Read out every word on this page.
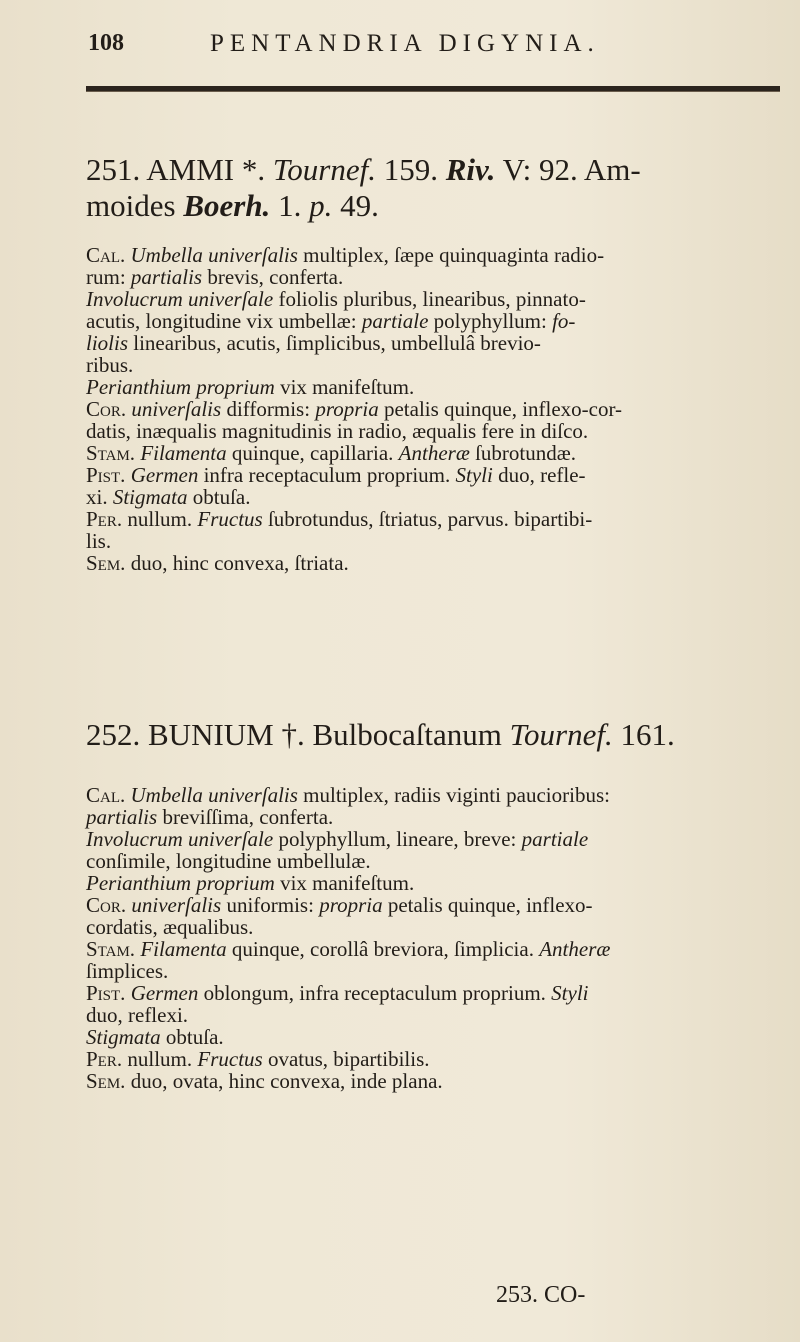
108	PENTANDRIA DIGYNIA.
251. AMMI *. Tournef. 159. Riv. V: 92. Am-
moides Boerh. 1. p. 49.

Cal. Umbella univerſalis multiplex, ſæpe quinquaginta radio-

rum: partialis brevis, conferta.

Involucrum univerſale foliolis pluribus, linearibus, pinnato-

acutis, longitudine vix umbellæ: partiale polyphyllum: fo-

liolis linearibus, acutis, ſimplicibus, umbellulâ brevio-

ribus.

Perianthium proprium vix manifeſtum.

Cor. univerſalis difformis: propria petalis quinque, inflexo-cor-

datis, inæqualis magnitudinis in radio, æqualis fere in diſco.

Stam. Filamenta quinque, capillaria. Antheræ ſubrotundæ.

Pist. Germen infra receptaculum proprium. Styli duo, refle-

xi. Stigmata obtuſa.

Per. nullum. Fructus ſubrotundus, ſtriatus, parvus. bipartibi-

lis.

Sem. duo, hinc convexa, ſtriata.

252. BUNIUM †. Bulbocaſtanum Tournef. 161.

Cal. Umbella univerſalis multiplex, radiis viginti paucioribus:

partialis breviſſima, conferta.

Involucrum univerſale polyphyllum, lineare, breve: partiale

conſimile, longitudine umbellulæ.

Perianthium proprium vix manifeſtum.

Cor. univerſalis uniformis: propria petalis quinque, inflexo-

cordatis, æqualibus.

Stam. Filamenta quinque, corollâ breviora, ſimplicia. Antheræ

ſimplices.

Pist. Germen oblongum, infra receptaculum proprium. Styli

duo, reflexi.

Stigmata obtuſa.

Per. nullum. Fructus ovatus, bipartibilis.

Sem. duo, ovata, hinc convexa, inde plana.

253. CO-
